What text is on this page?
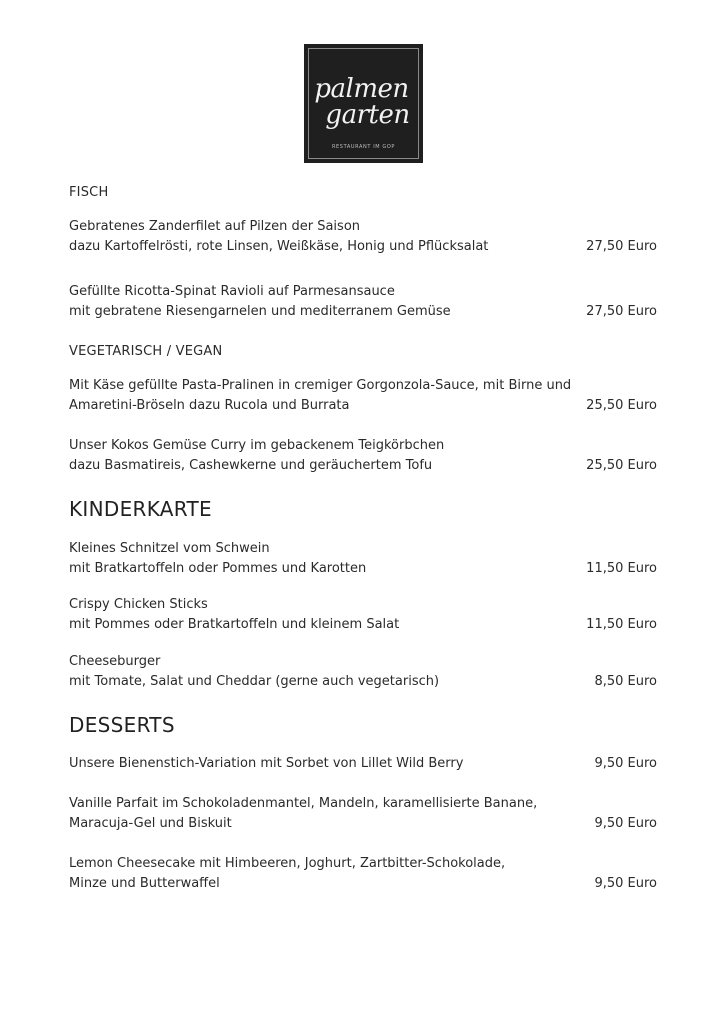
palmen
garten
RESTAURANT IM GOP
FISCH
Gebratenes Zanderfilet auf Pilzen der Saison
dazu Kartoffelrösti, rote Linsen, Weißkäse, Honig und Pflücksalat	27,50 Euro
Gefüllte Ricotta-Spinat Ravioli auf Parmesansauce
mit gebratene Riesengarnelen und mediterranem Gemüse	27,50 Euro
VEGETARISCH / VEGAN
Mit Käse gefüllte Pasta-Pralinen in cremiger Gorgonzola-Sauce, mit Birne und
Amaretini-Bröseln dazu Rucola und Burrata	25,50 Euro
Unser Kokos Gemüse Curry im gebackenem Teigkörbchen
dazu Basmatireis, Cashewkerne und geräuchertem Tofu	25,50 Euro
KINDERKARTE
Kleines Schnitzel vom Schwein
mit Bratkartoffeln oder Pommes und Karotten	11,50 Euro
Crispy Chicken Sticks
mit Pommes oder Bratkartoffeln und kleinem Salat	11,50 Euro
Cheeseburger
mit Tomate, Salat und Cheddar (gerne auch vegetarisch)	8,50 Euro
DESSERTS
Unsere Bienenstich-Variation mit Sorbet von Lillet Wild Berry	9,50 Euro
Vanille Parfait im Schokoladenmantel, Mandeln, karamellisierte Banane,
Maracuja-Gel und Biskuit	9,50 Euro
Lemon Cheesecake mit Himbeeren, Joghurt, Zartbitter-Schokolade,
Minze und Butterwaffel	9,50 Euro
